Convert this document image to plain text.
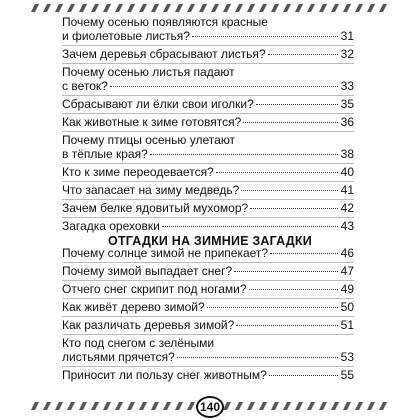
Почему осенью появляются красные
и фиолетовые листья?	31
Зачем деревья сбрасывают листья?	32
Почему осенью листья падают
с веток?	33
Сбрасывают ли ёлки свои иголки?	35
Как животные к зиме готовятся?	36
Почему птицы осенью улетают
в тёплые края?	38
Кто к зиме переодевается?	40
Что запасает на зиму медведь?	41
Зачем белке ядовитый мухомор?	42
Загадка ореховки	43
ОТГАДКИ НА ЗИМНИЕ ЗАГАДКИ
Почему солнце зимой не припекает?	46
Почему зимой выпадает снег?	47
Отчего снег скрипит под ногами?	49
Как живёт дерево зимой?	50
Как различать деревья зимой?	51
Кто под снегом с зелёными
листьями прячется?	53
Приносит ли пользу снег животным?	55
140
